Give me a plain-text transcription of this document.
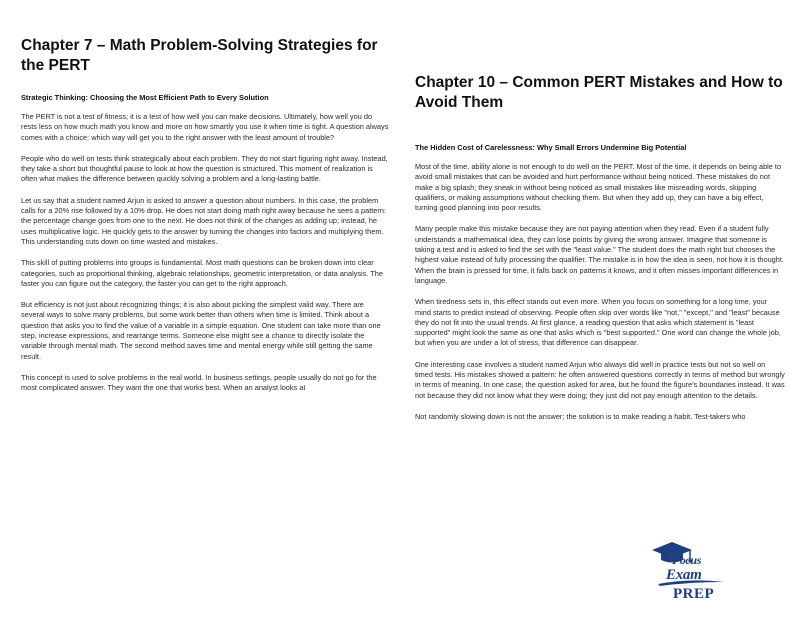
Chapter 7 – Math Problem-Solving Strategies for the PERT
Strategic Thinking: Choosing the Most Efficient Path to Every Solution

The PERT is not a test of fitness; it is a test of how well you can make decisions. Ultimately, how well you do rests less on how much math you know and more on how smartly you use it when time is tight. A question always comes with a choice: which way will get you to the right answer with the least amount of trouble?

People who do well on tests think strategically about each problem. They do not start figuring right away. Instead, they take a short but thoughtful pause to look at how the question is structured. This moment of realization is often what makes the difference between quickly solving a problem and a long-lasting battle.

Let us say that a student named Arjun is asked to answer a question about numbers. In this case, the problem calls for a 20% rise followed by a 10% drop. He does not start doing math right away because he sees a pattern: the percentage change goes from one to the next. He does not think of the changes as adding up; instead, he uses multiplicative logic. He quickly gets to the answer by turning the changes into factors and multiplying them. This understanding cuts down on time wasted and mistakes.

This skill of putting problems into groups is fundamental. Most math questions can be broken down into clear categories, such as proportional thinking, algebraic relationships, geometric interpretation, or data analysis. The faster you can figure out the category, the faster you can get to the right approach.

But efficiency is not just about recognizing things; it is also about picking the simplest valid way. There are several ways to solve many problems, but some work better than others when time is limited. Think about a question that asks you to find the value of a variable in a simple equation. One student can take more than one step, increase expressions, and rearrange terms. Someone else might see a chance to directly isolate the variable through mental math. The second method saves time and mental energy while still getting the same result.

This concept is used to solve problems in the real world. In business settings, people usually do not go for the most complicated answer. They want the one that works best. When an analyst looks at

Chapter 10 – Common PERT Mistakes and How to Avoid Them
The Hidden Cost of Carelessness: Why Small Errors Undermine Big Potential

Most of the time, ability alone is not enough to do well on the PERT. Most of the time, it depends on being able to avoid small mistakes that can be avoided and hurt performance without being noticed. These mistakes do not make a big splash; they sneak in without being noticed as small mistakes like misreading words, skipping qualifiers, or making assumptions without checking them. But when they add up, they can have a big effect, turning good planning into poor results.

Many people make this mistake because they are not paying attention when they read. Even if a student fully understands a mathematical idea, they can lose points by giving the wrong answer. Imagine that someone is taking a test and is asked to find the set with the "least value." The student does the math right but chooses the highest value instead of fully processing the qualifier. The mistake is in how the idea is seen, not how it is thought. When the brain is pressed for time, it falls back on patterns it knows, and it often misses important differences in language.

When tiredness sets in, this effect stands out even more. When you focus on something for a long time, your mind starts to predict instead of observing. People often skip over words like "not," "except," and "least" because they do not fit into the usual trends. At first glance, a reading question that asks which statement is "least supported" might look the same as one that asks which is "best supported." One word can change the whole job, but when you are under a lot of stress, that difference can disappear.

One interesting case involves a student named Arjun who always did well in practice tests but not so well on timed tests. His mistakes showed a pattern: he often answered questions correctly in terms of method but wrongly in terms of meaning. In one case, the question asked for area, but he found the figure's boundaries instead. It was not because they did not know what they were doing; they just did not pay enough attention to the details.

Not randomly slowing down is not the answer; the solution is to make reading a habit. Test-takers who

Focus
Exam
PREP
